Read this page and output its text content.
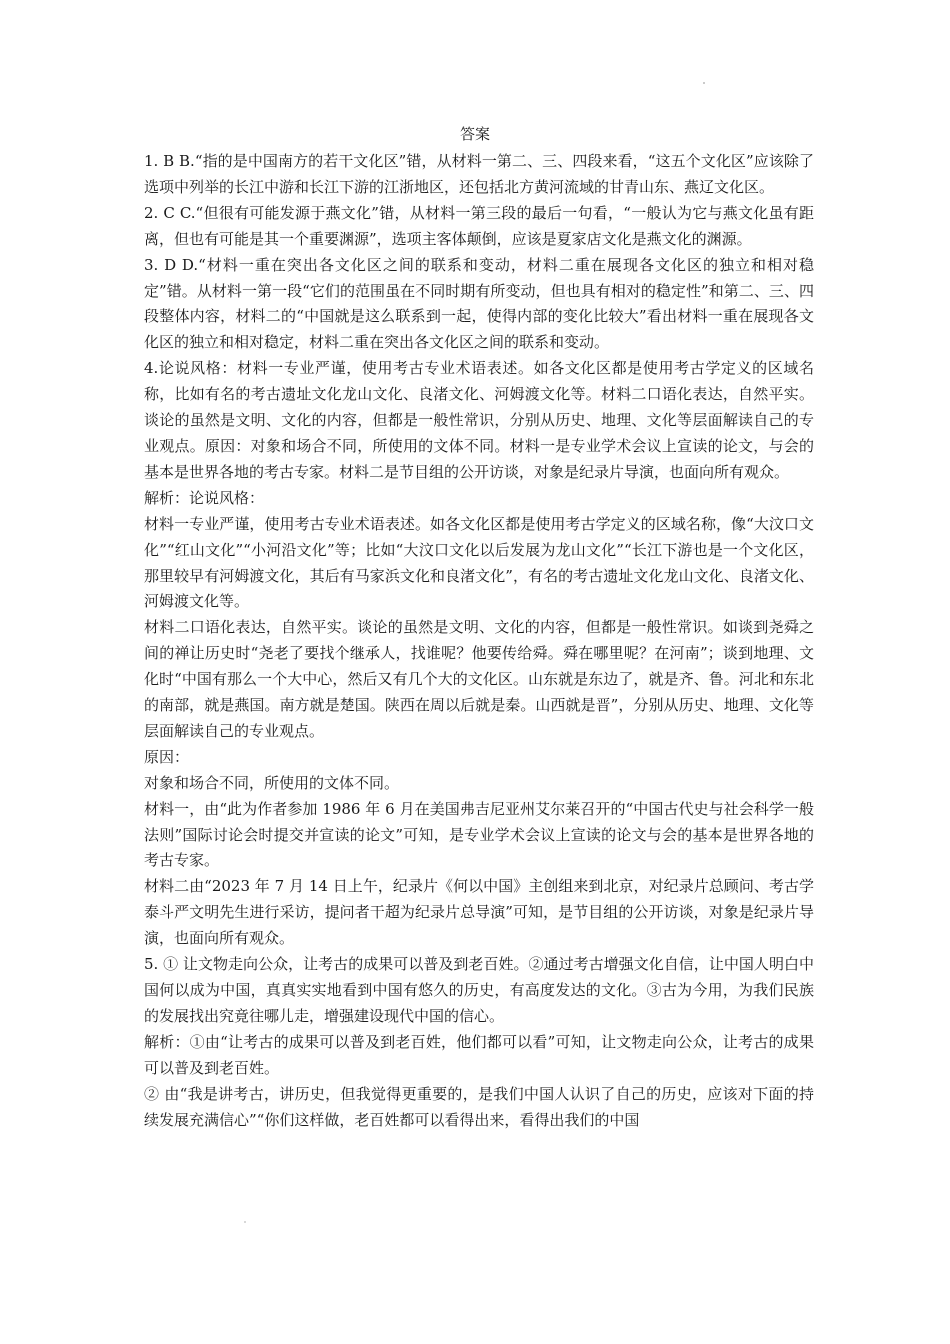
答案

1. B B.“指的是中国南方的若干文化区”错，从材料一第二、三、四段来看，“这五个文化区”应该除了选项中列举的长江中游和长江下游的江浙地区，还包括北方黄河流域的甘青山东、燕辽文化区。

2. C C.“但很有可能发源于燕文化”错，从材料一第三段的最后一句看，“一般认为它与燕文化虽有距离，但也有可能是其一个重要渊源”，选项主客体颠倒，应该是夏家店文化是燕文化的渊源。

3. D D.“材料一重在突出各文化区之间的联系和变动，材料二重在展现各文化区的独立和相对稳定”错。从材料一第一段“它们的范围虽在不同时期有所变动，但也具有相对的稳定性”和第二、三、四段整体内容，材料二的“中国就是这么联系到一起，使得内部的变化比较大”看出材料一重在展现各文化区的独立和相对稳定，材料二重在突出各文化区之间的联系和变动。

4.论说风格：材料一专业严谨，使用考古专业术语表述。如各文化区都是使用考古学定义的区域名称，比如有名的考古遗址文化龙山文化、良渚文化、河姆渡文化等。材料二口语化表达，自然平实。谈论的虽然是文明、文化的内容，但都是一般性常识，分别从历史、地理、文化等层面解读自己的专业观点。原因：对象和场合不同，所使用的文体不同。材料一是专业学术会议上宣读的论文，与会的基本是世界各地的考古专家。材料二是节目组的公开访谈，对象是纪录片导演，也面向所有观众。

解析：论说风格：

材料一专业严谨，使用考古专业术语表述。如各文化区都是使用考古学定义的区域名称，像“大汶口文化”“红山文化”“小河沿文化”等；比如“大汶口文化以后发展为龙山文化”“长江下游也是一个文化区，那里较早有河姆渡文化，其后有马家浜文化和良渚文化”，有名的考古遗址文化龙山文化、良渚文化、河姆渡文化等。

材料二口语化表达，自然平实。谈论的虽然是文明、文化的内容，但都是一般性常识。如谈到尧舜之间的禅让历史时“尧老了要找个继承人，找谁呢？他要传给舜。舜在哪里呢？在河南”；谈到地理、文化时“中国有那么一个大中心，然后又有几个大的文化区。山东就是东边了，就是齐、鲁。河北和东北的南部，就是燕国。南方就是楚国。陕西在周以后就是秦。山西就是晋”，分别从历史、地理、文化等层面解读自己的专业观点。

原因：

对象和场合不同，所使用的文体不同。

材料一，由“此为作者参加 1986 年 6 月在美国弗吉尼亚州艾尔莱召开的“中国古代史与社会科学一般法则”国际讨论会时提交并宣读的论文”可知，是专业学术会议上宣读的论文与会的基本是世界各地的考古专家。

材料二由“2023 年 7 月 14 日上午，纪录片《何以中国》主创组来到北京，对纪录片总顾问、考古学泰斗严文明先生进行采访，提问者干超为纪录片总导演”可知，是节目组的公开访谈，对象是纪录片导演，也面向所有观众。

5. ① 让文物走向公众，让考古的成果可以普及到老百姓。②通过考古增强文化自信，让中国人明白中国何以成为中国，真真实实地看到中国有悠久的历史，有高度发达的文化。③古为今用，为我们民族的发展找出究竟往哪儿走，增强建设现代中国的信心。

解析：①由“让考古的成果可以普及到老百姓，他们都可以看”可知，让文物走向公众，让考古的成果可以普及到老百姓。

② 由“我是讲考古，讲历史，但我觉得更重要的，是我们中国人认识了自己的历史，应该对下面的持续发展充满信心”“你们这样做，老百姓都可以看得出来，看得出我们的中国
